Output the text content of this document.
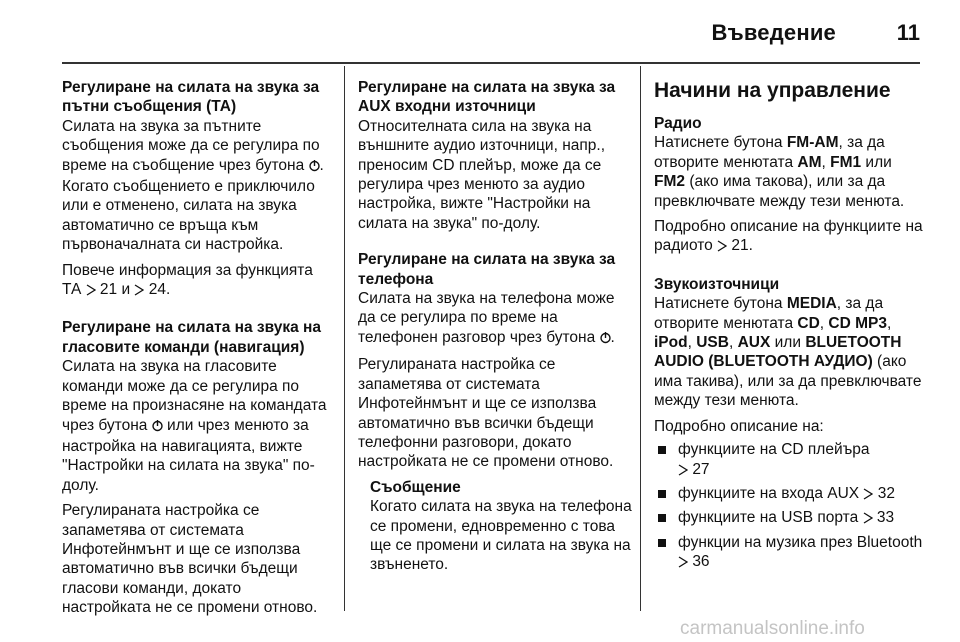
Въведение	11
Регулиране на силата на звука за пътни съобщения (ТА)
Силата на звука за пътните съобщения може да се регулира по време на съобщение чрез бутона . Когато съобщението е приключило или е отменено, силата на звука автоматично се връща към първоначалната си настройка.
Повече информация за функцията ТА 21 и 24.
Регулиране на силата на звука на гласовите команди (навигация)
Силата на звука на гласовите команди може да се регулира по време на произнасяне на командата чрез бутона или чрез менюто за настройка на навигацията, вижте "Настройки на силата на звука" по-долу.
Регулираната настройка се запаметява от системата Инфотейнмънт и ще се използва автоматично във всички бъдещи гласови команди, докато настройката не се промени отново.
Регулиране на силата на звука за AUX входни източници
Относителната сила на звука на външните аудио източници, напр., преносим CD плейър, може да се регулира чрез менюто за аудио настройка, вижте "Настройки на силата на звука" по-долу.
Регулиране на силата на звука за телефона
Силата на звука на телефона може да се регулира по време на телефонен разговор чрез бутона .
Регулираната настройка се запаметява от системата Инфотейнмънт и ще се използва автоматично във всички бъдещи телефонни разговори, докато настройката не се промени отново.
Съобщение
Когато силата на звука на телефона се промени, едновременно с това ще се промени и силата на звука на звъненето.
Начини на управление
Радио
Натиснете бутона FM-AM, за да отворите менютата AM, FM1 или FM2 (ако има такова), или за да превключвате между тези менюта.
Подробно описание на функциите на радиото 21.
Звукоизточници
Натиснете бутона MEDIA, за да отворите менютата CD, CD MP3, iPod, USB, AUX или BLUETOOTH AUDIO (BLUETOOTH АУДИО) (ако има такива), или за да превключвате между тези менюта.
Подробно описание на:
функциите на CD плейъра
27
функциите на входа AUX 32
функциите на USB порта 33
функции на музика през Bluetooth
36
carmanualsonline.info
